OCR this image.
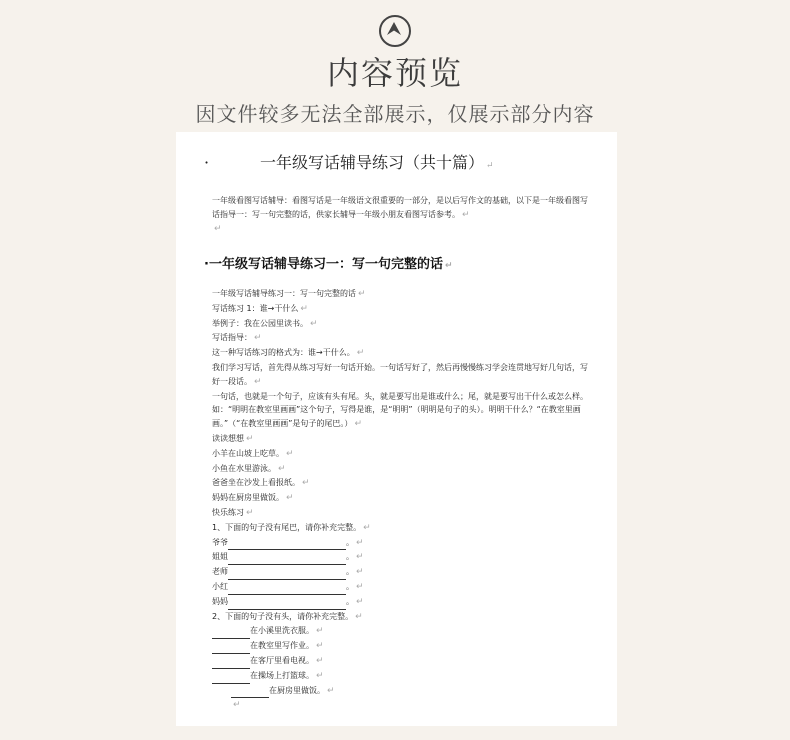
内容预览
因文件较多无法全部展示，仅展示部分内容
·	一年级写话辅导练习（共十篇） ↵
一年级看图写话辅导：看图写话是一年级语文很重要的一部分，是以后写作文的基础，以下是一年级看图写话指导一：写一句完整的话，供家长辅导一年级小朋友看图写话参考。 ↵
↵
·一年级写话辅导练习一：写一句完整的话 ↵
一年级写话辅导练习一：写一句完整的话 ↵
写话练习 1：谁→干什么 ↵
举例子：我在公园里读书。 ↵
写话指导： ↵
这一种写话练习的格式为：谁→干什么。 ↵
我们学习写话，首先得从练习写好一句话开始。一句话写好了，然后再慢慢练习学会连贯地写好几句话，写好一段话。 ↵
一句话，也就是一个句子，应该有头有尾。头，就是要写出是谁或什么；尾，就是要写出干什么或怎么样。如：“明明在教室里画画”这个句子，写得是谁，是“明明”（明明是句子的头）。明明干什么？“在教室里画画。”（“在教室里画画”是句子的尾巴。） ↵
读读想想 ↵
小羊在山坡上吃草。 ↵
小鱼在水里游泳。 ↵
爸爸坐在沙发上看报纸。 ↵
妈妈在厨房里做饭。 ↵
快乐练习 ↵
1、下面的句子没有尾巴，请你补充完整。 ↵
爷爷	。 ↵
姐姐	。 ↵
老师	。 ↵
小红	。 ↵
妈妈	。 ↵
2、下面的句子没有头，请你补充完整。 ↵
在小溪里洗衣服。 ↵
在教室里写作业。 ↵
在客厅里看电视。 ↵
在操场上打篮球。 ↵
在厨房里做饭。 ↵
↵
